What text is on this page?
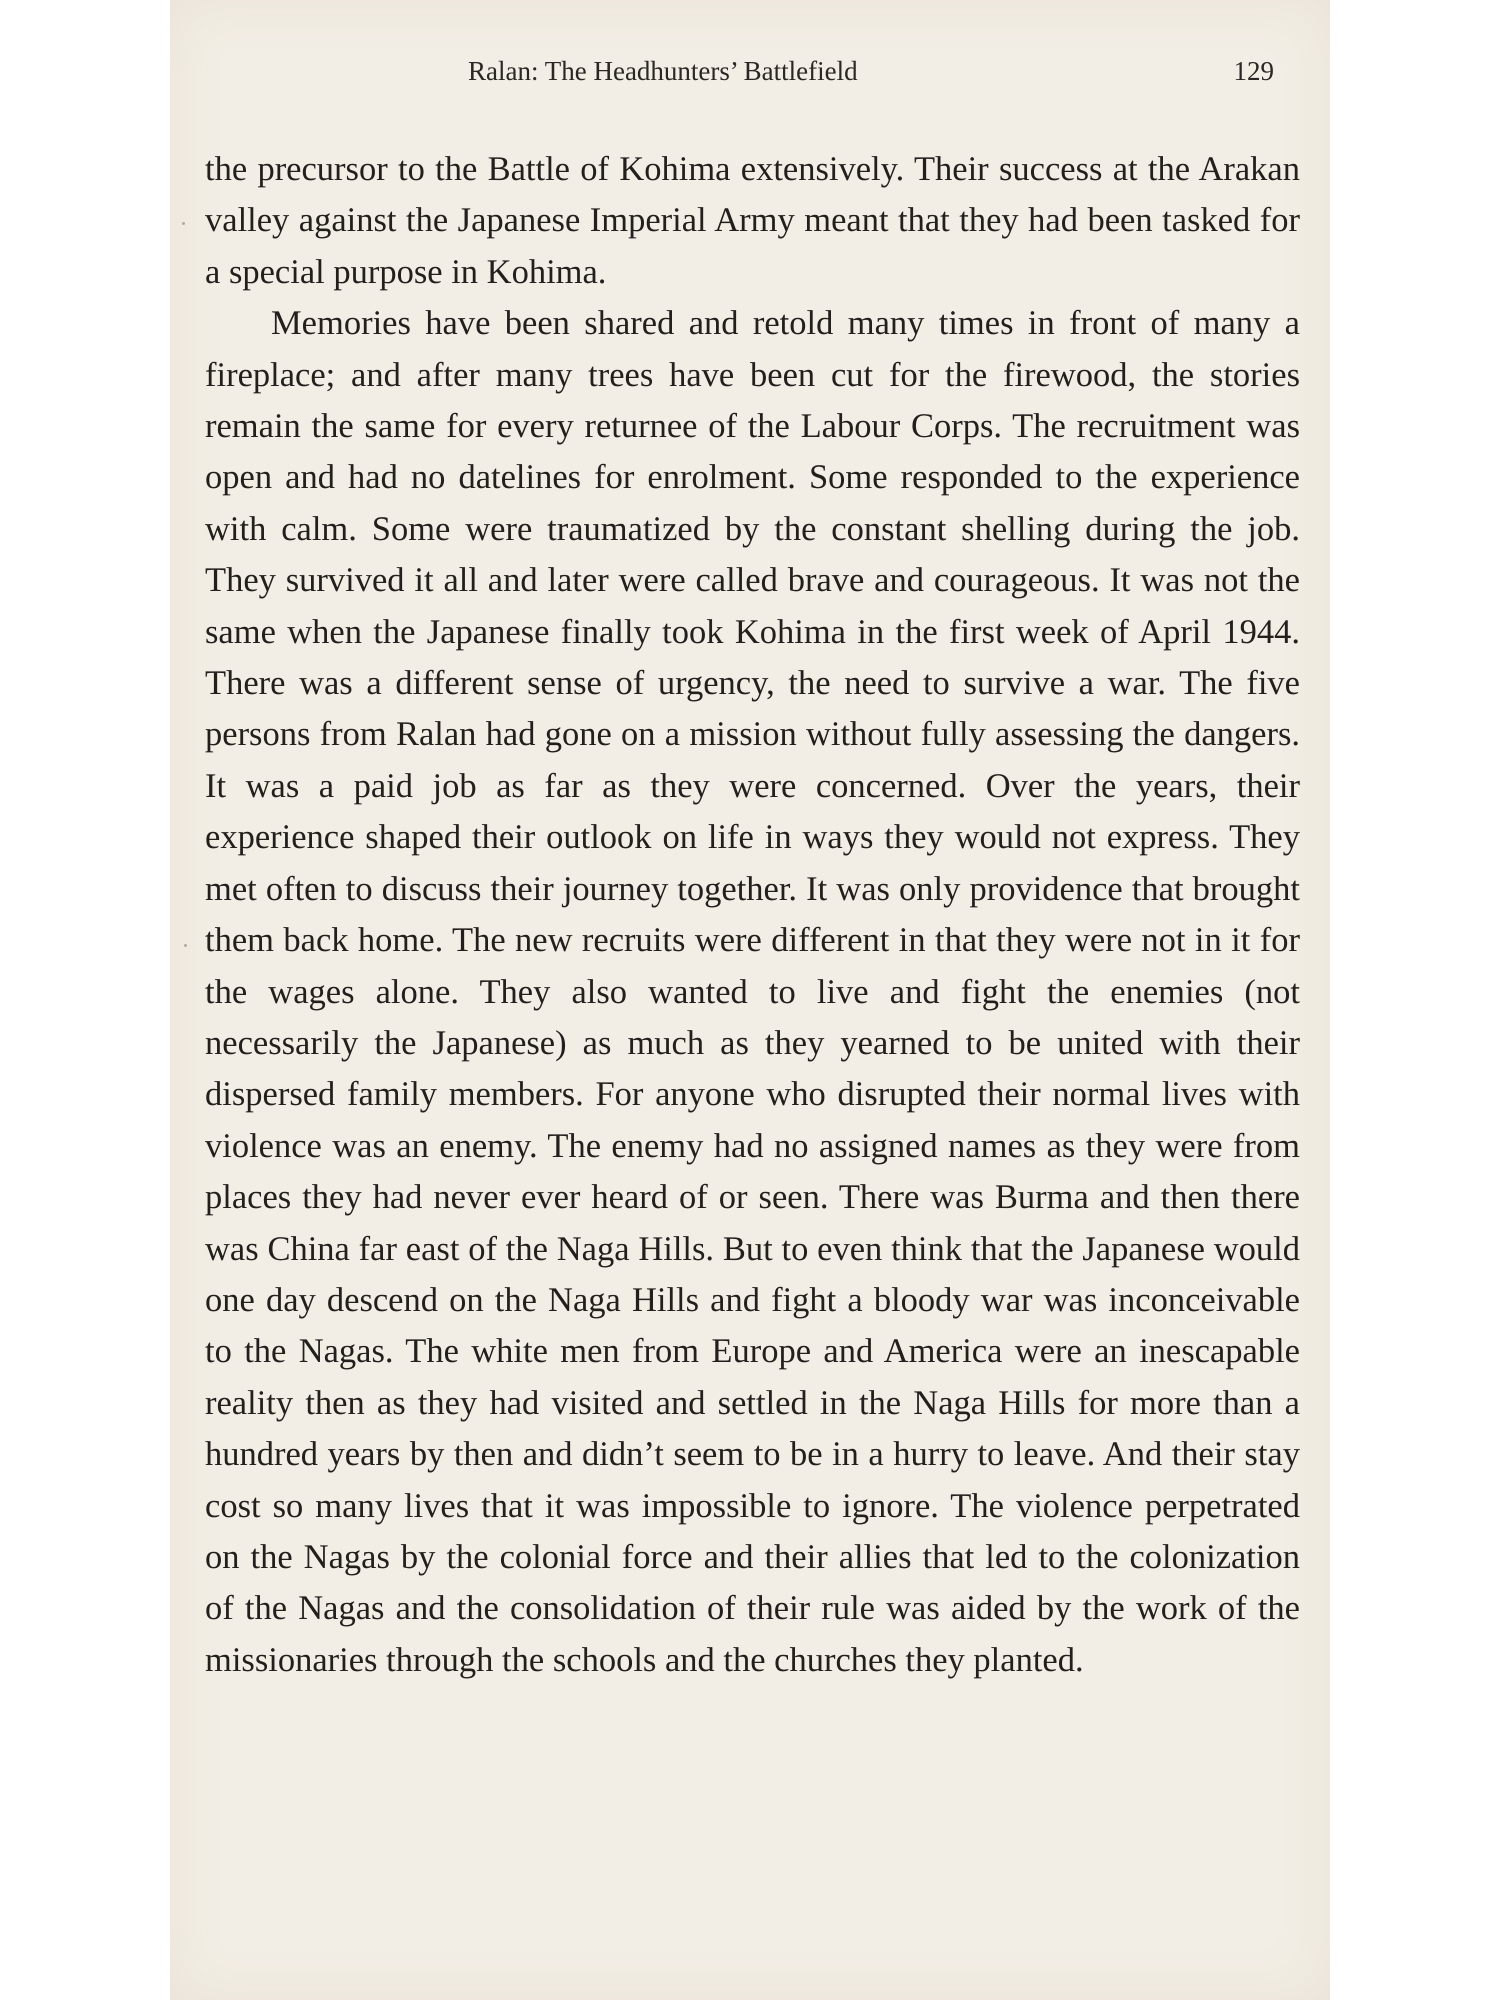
Ralan: The Headhunters’ Battlefield	129

the precursor to the Battle of Kohima extensively. Their success at the Arakan valley against the Japanese Imperial Army meant that they had been tasked for a special purpose in Kohima.

Memories have been shared and retold many times in front of many a fireplace; and after many trees have been cut for the firewood, the stories remain the same for every returnee of the Labour Corps. The recruitment was open and had no datelines for enrolment. Some responded to the experience with calm. Some were traumatized by the constant shelling during the job. They survived it all and later were called brave and courageous. It was not the same when the Japanese finally took Kohima in the first week of April 1944. There was a different sense of urgency, the need to survive a war. The five persons from Ralan had gone on a mission without fully assessing the dangers. It was a paid job as far as they were concerned. Over the years, their experience shaped their outlook on life in ways they would not express. They met often to discuss their journey together. It was only providence that brought them back home. The new recruits were different in that they were not in it for the wages alone. They also wanted to live and fight the enemies (not necessarily the Japanese) as much as they yearned to be united with their dispersed family members. For anyone who disrupted their normal lives with violence was an enemy. The enemy had no assigned names as they were from places they had never ever heard of or seen. There was Burma and then there was China far east of the Naga Hills. But to even think that the Japanese would one day descend on the Naga Hills and fight a bloody war was inconceivable to the Nagas. The white men from Europe and America were an inescapable reality then as they had visited and settled in the Naga Hills for more than a hundred years by then and didn’t seem to be in a hurry to leave. And their stay cost so many lives that it was impossible to ignore. The violence perpetrated on the Nagas by the colonial force and their allies that led to the colonization of the Nagas and the consolidation of their rule was aided by the work of the missionaries through the schools and the churches they planted.
